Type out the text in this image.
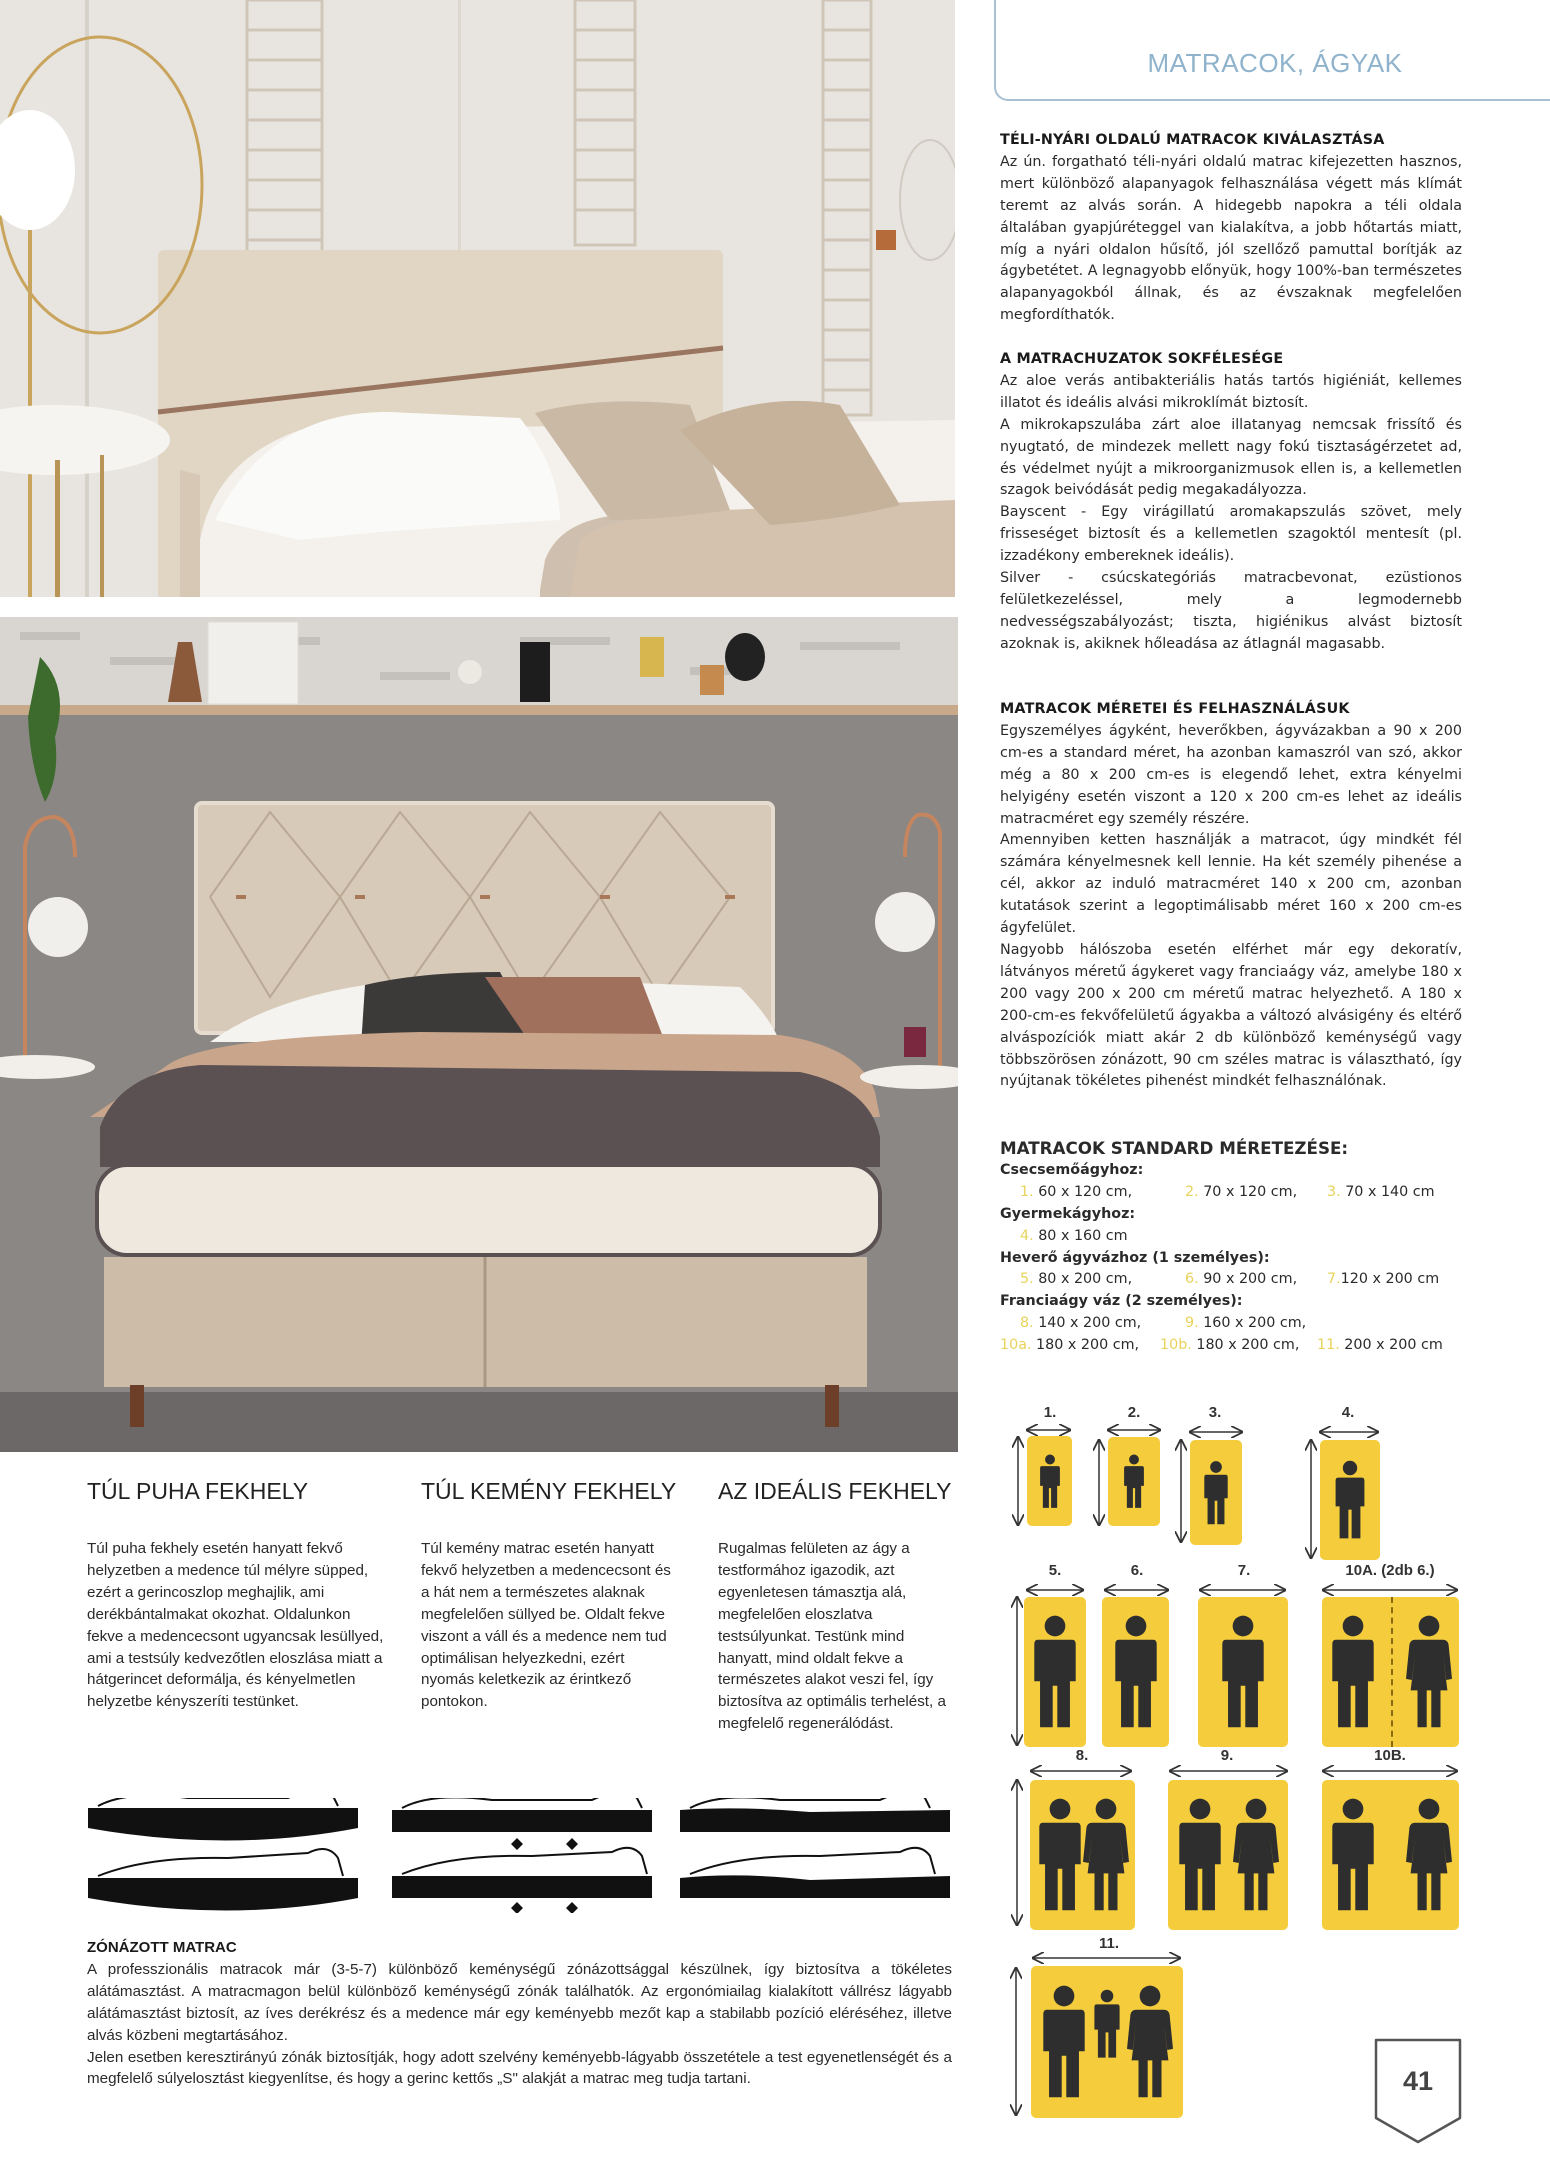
MATRACOK, ÁGYAK
TÉLI-NYÁRI OLDALÚ MATRACOK KIVÁLASZTÁSA

Az ún. forgatható téli-nyári oldalú matrac kifejezetten hasznos, mert különböző alapanyagok felhasználása végett más klímát teremt az alvás során. A hidegebb napokra a téli oldala általában gyapjúréteggel van kialakítva, a jobb hőtartás miatt, míg a nyári oldalon hűsítő, jól szellőző pamuttal borítják az ágybetétet. A legnagyobb előnyük, hogy 100%-ban természetes alapanyagokból állnak, és az évszaknak megfelelően megfordíthatók.

A MATRACHUZATOK SOKFÉLESÉGE

Az aloe verás antibakteriális hatás tartós higiéniát, kellemes illatot és ideális alvási mikroklímát biztosít.

A mikrokapszulába zárt aloe illatanyag nemcsak frissítő és nyugtató, de mindezek mellett nagy fokú tisztaságérzetet ad, és védelmet nyújt a mikroorganizmusok ellen is, a kellemetlen szagok beivódását pedig megakadályozza.

Bayscent - Egy virágillatú aromakapszulás szövet, mely frisseséget biztosít és a kellemetlen szagoktól mentesít (pl. izzadékony embereknek ideális).

Silver - csúcskategóriás matracbevonat, ezüstionos felületkezeléssel, mely a legmodernebb nedvességszabályozást; tiszta, higiénikus alvást biztosít azoknak is, akiknek hőleadása az átlagnál magasabb.

MATRACOK MÉRETEI ÉS FELHASZNÁLÁSUK

Egyszemélyes ágyként, heverőkben, ágyvázakban a 90 x 200 cm-es a standard méret, ha azonban kamaszról van szó, akkor még a 80 x 200 cm-es is elegendő lehet, extra kényelmi helyigény esetén viszont a 120 x 200 cm-es lehet az ideális matracméret egy személy részére.

Amennyiben ketten használják a matracot, úgy mindkét fél számára kényelmesnek kell lennie. Ha két személy pihenése a cél, akkor az induló matracméret 140 x 200 cm, azonban kutatások szerint a legoptimálisabb méret 160 x 200 cm-es ágyfelület.

Nagyobb hálószoba esetén elférhet már egy dekoratív, látványos méretű ágykeret vagy franciaágy váz, amelybe 180 x 200 vagy 200 x 200 cm méretű matrac helyezhető. A 180 x 200-cm-es fekvőfelületű ágyakba a változó alvásigény és eltérő alváspozíciók miatt akár 2 db különböző keménységű vagy többszörösen zónázott, 90 cm széles matrac is választható, így nyújtanak tökéletes pihenést mindkét felhasználónak.

MATRACOK STANDARD MÉRETEZÉSE:
Csecsemőágyhoz:
1. 60 x 120 cm,	2. 70 x 120 cm,	3. 70 x 140 cm
Gyermekágyhoz:
4. 80 x 160 cm
Heverő ágyvázhoz (1 személyes):
5. 80 x 200 cm,	6. 90 x 200 cm,	7.120 x 200 cm
Franciaágy váz (2 személyes):
8. 140 x 200 cm,	9. 160 x 200 cm,
10a. 180 x 200 cm,	10b. 180 x 200 cm,	11. 200 x 200 cm
TÚL PUHA FEKHELY

Túl puha fekhely esetén hanyatt fekvő helyzetben a medence túl mélyre süpped, ezért a gerincoszlop meghajlik, ami derékbántalmakat okozhat. Oldalunkon fekve a medencecsont ugyancsak lesüllyed, ami a testsúly kedvezőtlen eloszlása miatt a hátgerincet deformálja, és kényelmetlen helyzetbe kényszeríti testünket.

TÚL KEMÉNY FEKHELY

Túl kemény matrac esetén hanyatt fekvő helyzetben a medencecsont és a hát nem a természetes alaknak megfelelően süllyed be. Oldalt fekve viszont a váll és a medence nem tud optimálisan helyezkedni, ezért nyomás keletkezik az érintkező pontokon.

AZ IDEÁLIS FEKHELY

Rugalmas felületen az ágy a testformához igazodik, azt egyenletesen támasztja alá, megfelelően eloszlatva testsúlyunkat. Testünk mind hanyatt, mind oldalt fekve a természetes alakot veszi fel, így biztosítva az optimális terhelést, a megfelelő regenerálódást.

ZÓNÁZOTT MATRAC

A professzionális matracok már (3-5-7) különböző keménységű zónázottsággal készülnek, így biztosítva a tökéletes alátámasztást. A matracmagon belül különböző keménységű zónák találhatók. Az ergonómiailag kialakított vállrész lágyabb alátámasztást biztosít, az íves derékrész és a medence már egy keményebb mezőt kap a stabilabb pozíció eléréséhez, illetve alvás közbeni megtartásához.

Jelen esetben keresztirányú zónák biztosítják, hogy adott szelvény keményebb-lágyabb összetétele a test egyenetlenségét és a megfelelő súlyelosztást kiegyenlítse, és hogy a gerinc kettős „S" alakját a matrac meg tudja tartani.

1.	2.	3.	4.
5.	6.	7.	10A. (2db 6.)
8.	9.	10B.
11.
41
